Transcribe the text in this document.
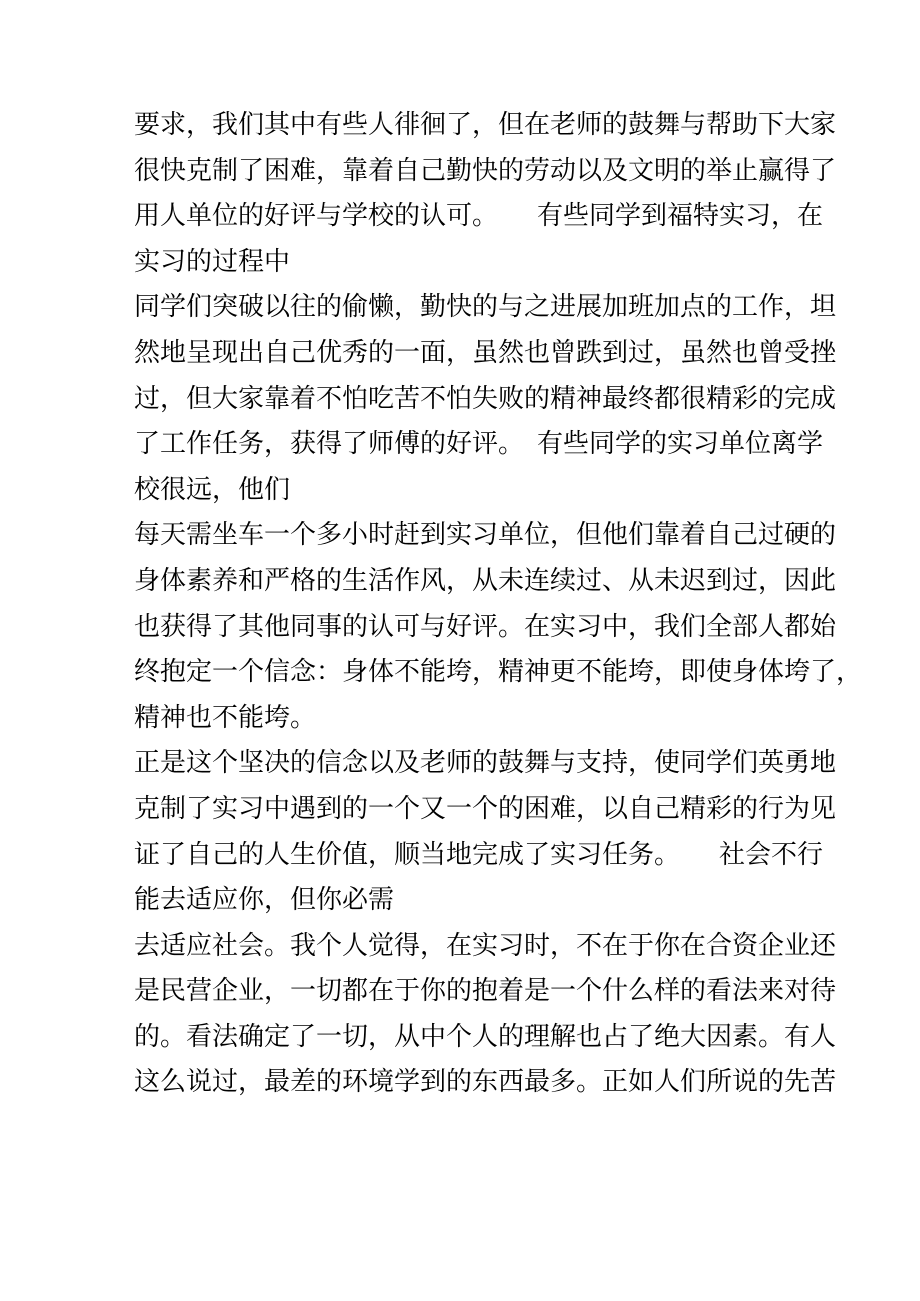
要求，我们其中有些人徘徊了，但在老师的鼓舞与帮助下大家
很快克制了困难，靠着自己勤快的劳动以及文明的举止赢得了
用人单位的好评与学校的认可。　　有些同学到福特实习，在
实习的过程中
同学们突破以往的偷懒，勤快的与之进展加班加点的工作，坦
然地呈现出自己优秀的一面，虽然也曾跌到过，虽然也曾受挫
过，但大家靠着不怕吃苦不怕失败的精神最终都很精彩的完成
了工作任务，获得了师傅的好评。　有些同学的实习单位离学
校很远，他们
每天需坐车一个多小时赶到实习单位，但他们靠着自己过硬的
身体素养和严格的生活作风，从未连续过、从未迟到过，因此
也获得了其他同事的认可与好评。在实习中，我们全部人都始
终抱定一个信念：身体不能垮，精神更不能垮，即使身体垮了，
精神也不能垮。
正是这个坚决的信念以及老师的鼓舞与支持，使同学们英勇地
克制了实习中遇到的一个又一个的困难，以自己精彩的行为见
证了自己的人生价值，顺当地完成了实习任务。　　社会不行
能去适应你，但你必需
去适应社会。我个人觉得，在实习时，不在于你在合资企业还
是民营企业，一切都在于你的抱着是一个什么样的看法来对待
的。看法确定了一切，从中个人的理解也占了绝大因素。有人
这么说过，最差的环境学到的东西最多。正如人们所说的先苦
